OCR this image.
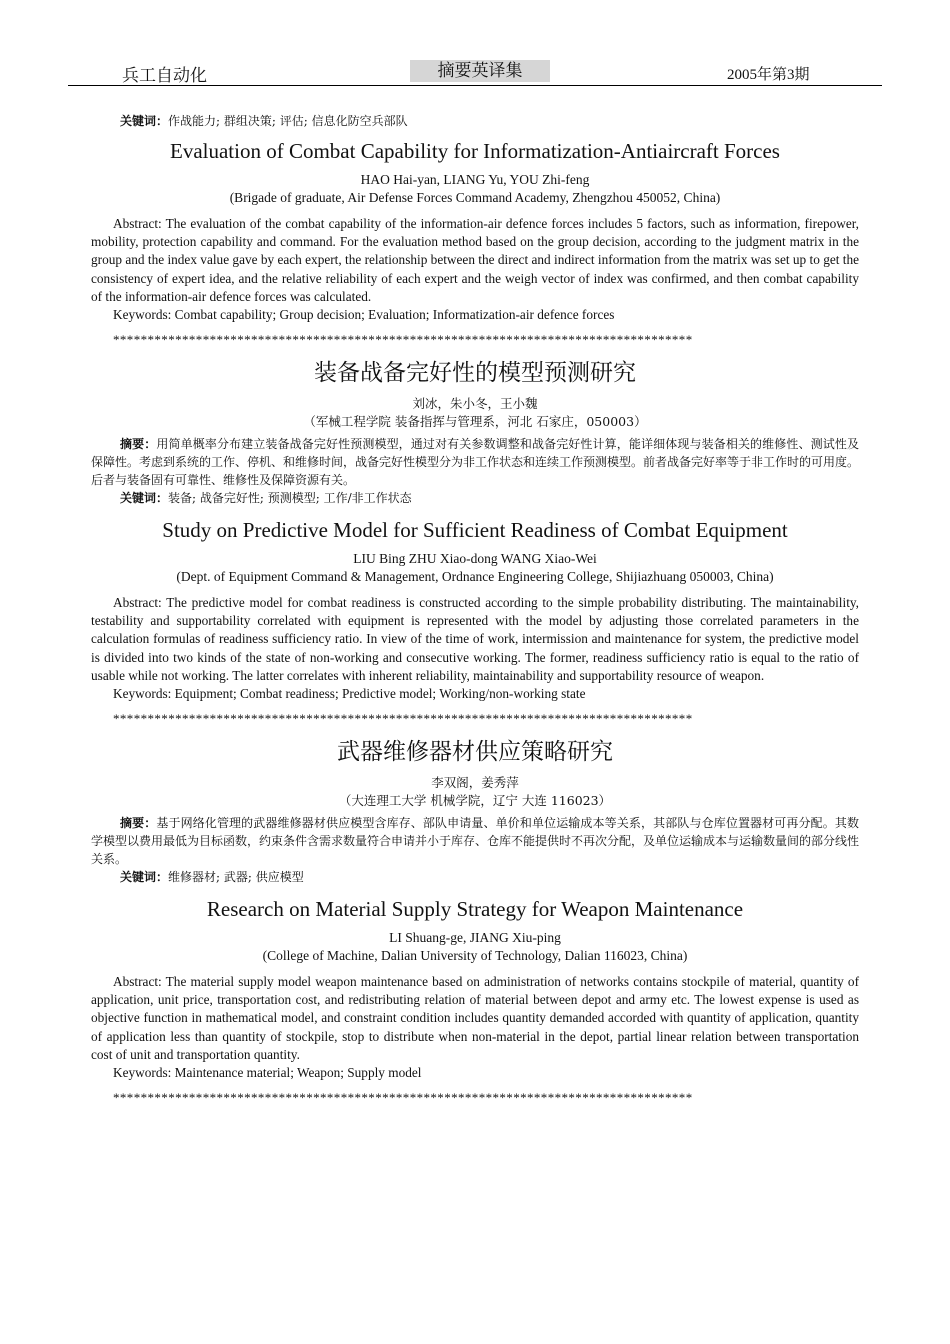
兵工自动化	摘要英译集	2005年第3期

关键词：作战能力; 群组决策; 评估; 信息化防空兵部队

Evaluation of Combat Capability for Informatization-Antiaircraft Forces

HAO Hai-yan, LIANG Yu, YOU Zhi-feng

(Brigade of graduate, Air Defense Forces Command Academy, Zhengzhou 450052, China)

Abstract: The evaluation of the combat capability of the information-air defence forces includes 5 factors, such as information, firepower, mobility, protection capability and command. For the evaluation method based on the group decision, according to the judgment matrix in the group and the index value gave by each expert, the relationship between the direct and indirect information from the matrix was set up to get the consistency of expert idea, and the relative reliability of each expert and the weigh vector of index was confirmed, and then combat capability of the information-air defence forces was calculated.

Keywords: Combat capability; Group decision; Evaluation; Informatization-air defence forces

************************************************************************************

装备战备完好性的模型预测研究

刘冰，朱小冬，王小魏

（军械工程学院 装备指挥与管理系，河北 石家庄，050003）

摘要：用简单概率分布建立装备战备完好性预测模型，通过对有关参数调整和战备完好性计算，能详细体现与装备相关的维修性、测试性及保障性。考虑到系统的工作、停机、和维修时间，战备完好性模型分为非工作状态和连续工作预测模型。前者战备完好率等于非工作时的可用度。后者与装备固有可靠性、维修性及保障资源有关。

关键词：装备; 战备完好性; 预测模型; 工作/非工作状态

Study on Predictive Model for Sufficient Readiness of Combat Equipment

LIU Bing ZHU Xiao-dong WANG Xiao-Wei

(Dept. of Equipment Command & Management, Ordnance Engineering College, Shijiazhuang 050003, China)

Abstract: The predictive model for combat readiness is constructed according to the simple probability distributing. The maintainability, testability and supportability correlated with equipment is represented with the model by adjusting those correlated parameters in the calculation formulas of readiness sufficiency ratio. In view of the time of work, intermission and maintenance for system, the predictive model is divided into two kinds of the state of non-working and consecutive working. The former, readiness sufficiency ratio is equal to the ratio of usable while not working. The latter correlates with inherent reliability, maintainability and supportability resource of weapon.

Keywords: Equipment; Combat readiness; Predictive model; Working/non-working state

************************************************************************************

武器维修器材供应策略研究

李双阁，姜秀萍

（大连理工大学 机械学院，辽宁 大连 116023）

摘要：基于网络化管理的武器维修器材供应模型含库存、部队申请量、单价和单位运输成本等关系，其部队与仓库位置器材可再分配。其数学模型以费用最低为目标函数，约束条件含需求数量符合申请并小于库存、仓库不能提供时不再次分配，及单位运输成本与运输数量间的部分线性关系。

关键词：维修器材; 武器; 供应模型

Research on Material Supply Strategy for Weapon Maintenance

LI Shuang-ge, JIANG Xiu-ping

(College of Machine, Dalian University of Technology, Dalian 116023, China)

Abstract: The material supply model weapon maintenance based on administration of networks contains stockpile of material, quantity of application, unit price, transportation cost, and redistributing relation of material between depot and army etc. The lowest expense is used as objective function in mathematical model, and constraint condition includes quantity demanded accorded with quantity of application, quantity of application less than quantity of stockpile, stop to distribute when non-material in the depot, partial linear relation between transportation cost of unit and transportation quantity.

Keywords: Maintenance material; Weapon; Supply model

************************************************************************************
